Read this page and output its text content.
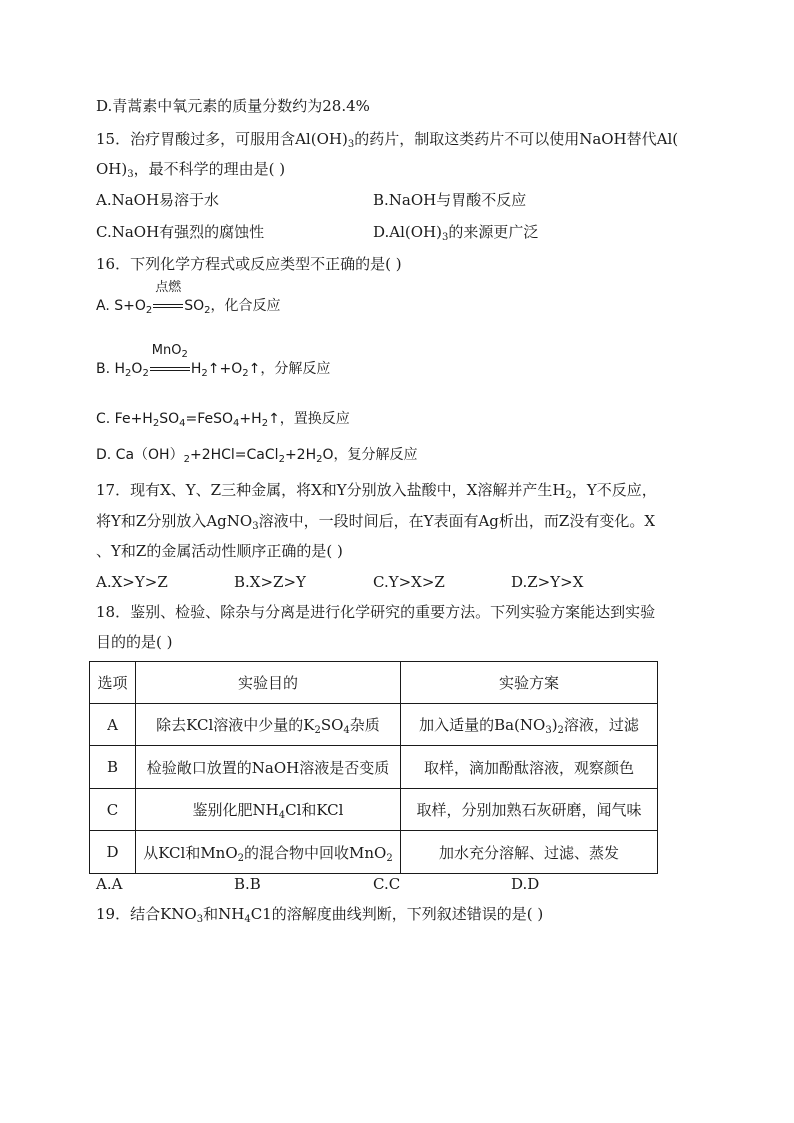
D.青蒿素中氧元素的质量分数约为28.4%
15．治疗胃酸过多，可服用含$Al(OH)_3$的药片，制取这类药片不可以使用NaOH替代Al(
$OH)_3$，最不科学的理由是( )
A.NaOH易溶于水	B.NaOH与胃酸不反应
C.NaOH有强烈的腐蚀性	$D.Al(OH)_3$的来源更广泛
16．下列化学方程式或反应类型不正确的是( )
A. $S+O_2$
点燃
$SO_2$，化合反应
B. $H_2O_2$
MnO$_2$
$H_2↑+O_2↑$，分解反应
C. $Fe+H_2SO_4=FeSO_4+H_2↑$，置换反应
D. $Ca(OH)_2+2HCl=CaCl_2+2H_2O$，复分解反应
17．现有X、Y、Z三种金属，将X和Y分别放入盐酸中，X溶解并产生$H_2$，Y不反应，
将Y和Z分别放入AgNO$_3$溶液中，一段时间后，在Y表面有Ag析出，而Z没有变化。X
、Y和Z的金属活动性顺序正确的是( )
A.X>Y>Z	B.X>Z>Y	C.Y>X>Z	D.Z>Y>X
18．鉴别、检验、除杂与分离是进行化学研究的重要方法。下列实验方案能达到实验
目的的是( )
选项	实验目的	实验方案
A	除去KCl溶液中少量的$K_2SO_4$杂质	加入适量的$Ba(NO_3)_2$溶液，过滤
B	检验敞口放置的NaOH溶液是否变质	取样，滴加酚酞溶液，观察颜色
C	鉴别化肥$NH_4Cl$和KCl	取样，分别加熟石灰研磨，闻气味
D	从KCl和MnO$_2$的混合物中回收MnO$_2$	加水充分溶解、过滤、蒸发
A.A	B.B	C.C	D.D
19．结合$KNO_3$和$NH_4C1$的溶解度曲线判断，下列叙述错误的是( )
